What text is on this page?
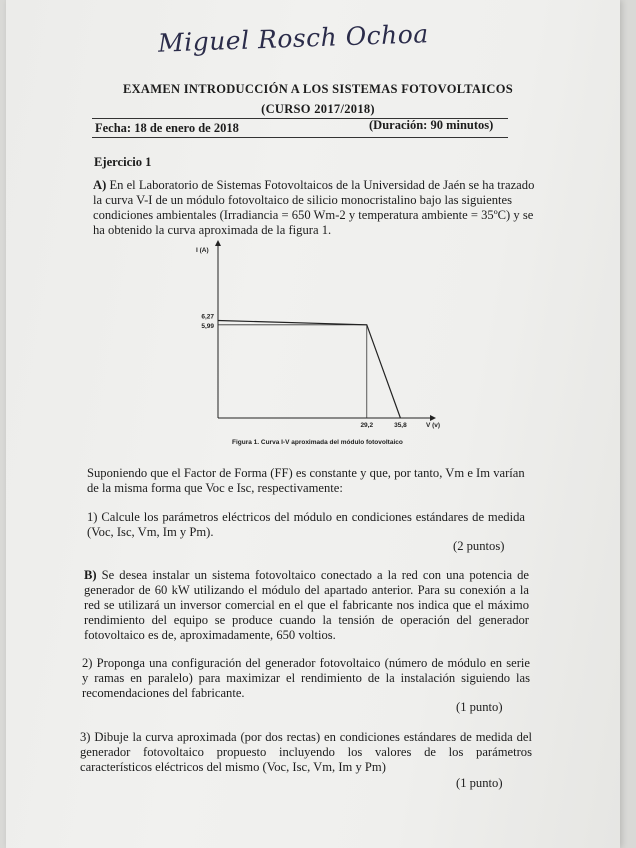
Miguel Rosch Ochoa
EXAMEN INTRODUCCIÓN A LOS SISTEMAS FOTOVOLTAICOS
(CURSO 2017/2018)
Fecha: 18 de enero de 2018	(Duración: 90 minutos)
Ejercicio 1
A) En el Laboratorio de Sistemas Fotovoltaicos de la Universidad de Jaén se ha trazado
la curva V-I de un módulo fotovoltaico de silicio monocristalino bajo las siguientes
condiciones ambientales (Irradiancia = 650 Wm-2 y temperatura ambiente = 35ºC) y se
ha obtenido la curva aproximada de la figura 1.
6,27
5,99
29,2	35,8
I (A)
V (v)
Figura 1. Curva I-V aproximada del módulo fotovoltaico
Suponiendo que el Factor de Forma (FF) es constante y que, por tanto, Vm e Im varían
de la misma forma que Voc e Isc, respectivamente:
1) Calcule los parámetros eléctricos del módulo en condiciones estándares de medida
(Voc, Isc, Vm, Im y Pm).
(2 puntos)
B) Se desea instalar un sistema fotovoltaico conectado a la red con una potencia de
generador de 60 kW utilizando el módulo del apartado anterior. Para su conexión a la
red se utilizará un inversor comercial en el que el fabricante nos indica que el máximo
rendimiento del equipo se produce cuando la tensión de operación del generador
fotovoltaico es de, aproximadamente, 650 voltios.
2) Proponga una configuración del generador fotovoltaico (número de módulo en serie
y ramas en paralelo) para maximizar el rendimiento de la instalación siguiendo las
recomendaciones del fabricante.
(1 punto)
3) Dibuje la curva aproximada (por dos rectas) en condiciones estándares de medida del
generador fotovoltaico propuesto incluyendo los valores de los parámetros
característicos eléctricos del mismo (Voc, Isc, Vm, Im y Pm)
(1 punto)
